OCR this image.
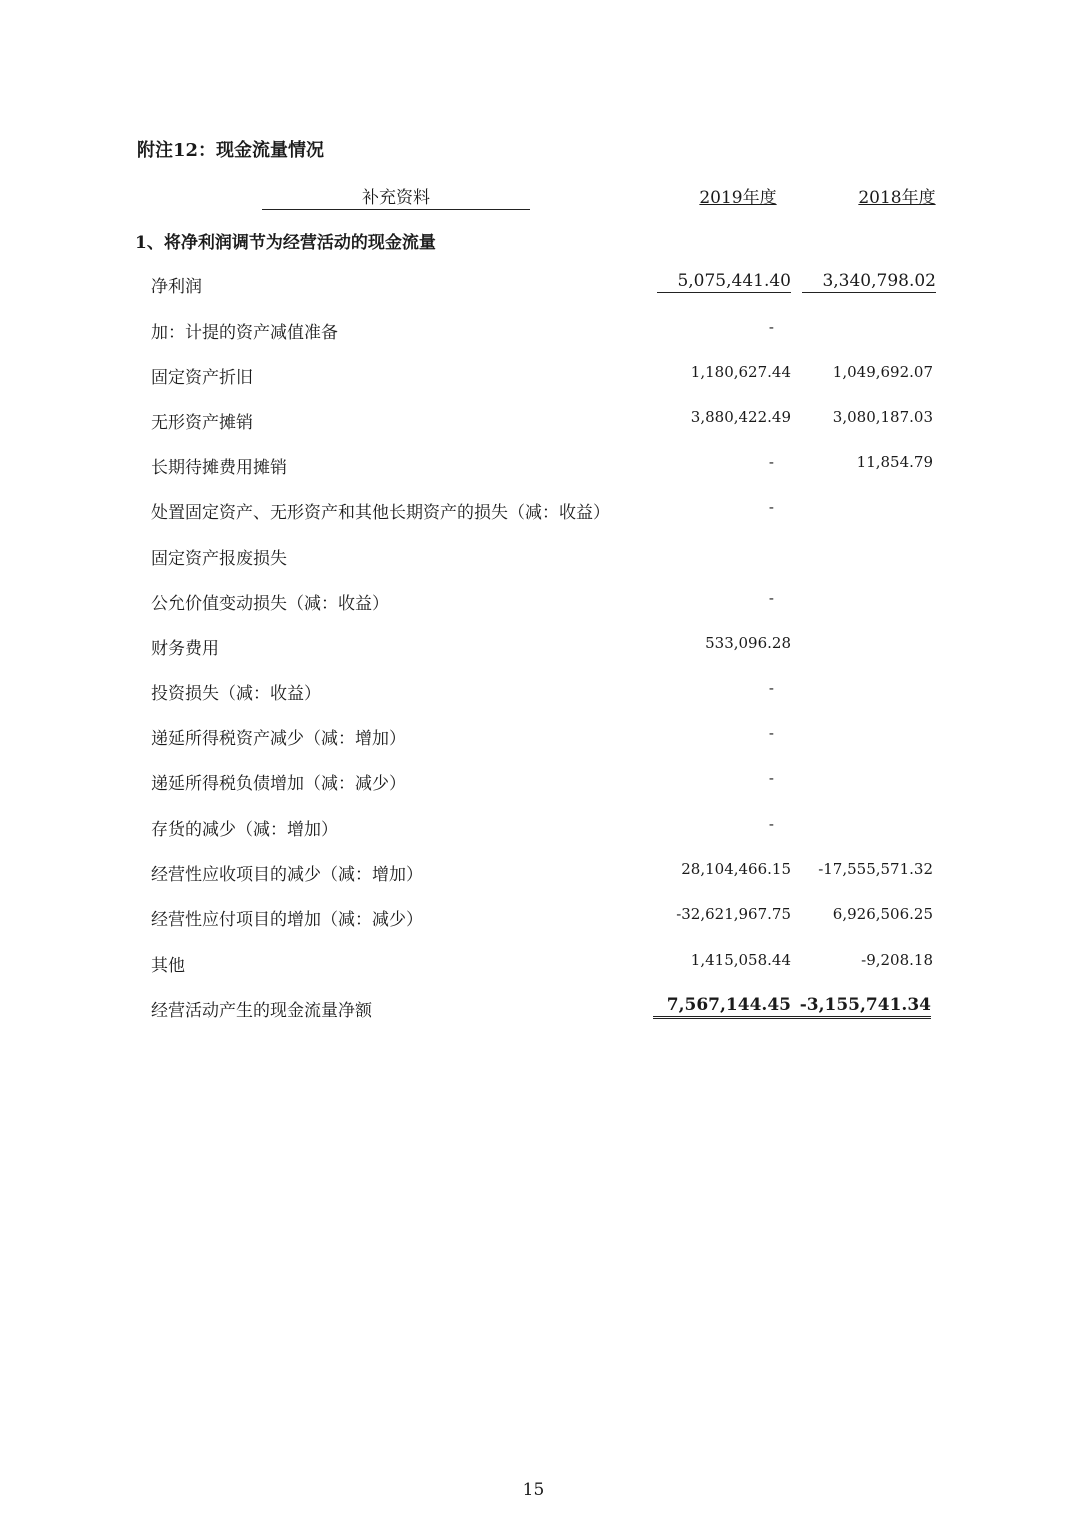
附注12：现金流量情况
补充资料	2019年度	2018年度
1、将净利润调节为经营活动的现金流量
净利润	5,075,441.40	3,340,798.02
加：计提的资产减值准备	-
固定资产折旧	1,180,627.44	1,049,692.07
无形资产摊销	3,880,422.49	3,080,187.03
长期待摊费用摊销	-	11,854.79
处置固定资产、无形资产和其他长期资产的损失（减：收益）	-
固定资产报废损失
公允价值变动损失（减：收益）	-
财务费用	533,096.28
投资损失（减：收益）	-
递延所得税资产减少（减：增加）	-
递延所得税负债增加（减：减少）	-
存货的减少（减：增加）	-
经营性应收项目的减少（减：增加）	28,104,466.15 -17,555,571.32
经营性应付项目的增加（减：减少）	-32,621,967.75	6,926,506.25
其他	1,415,058.44	-9,208.18
经营活动产生的现金流量净额	7,567,144.45 -3,155,741.34
15
